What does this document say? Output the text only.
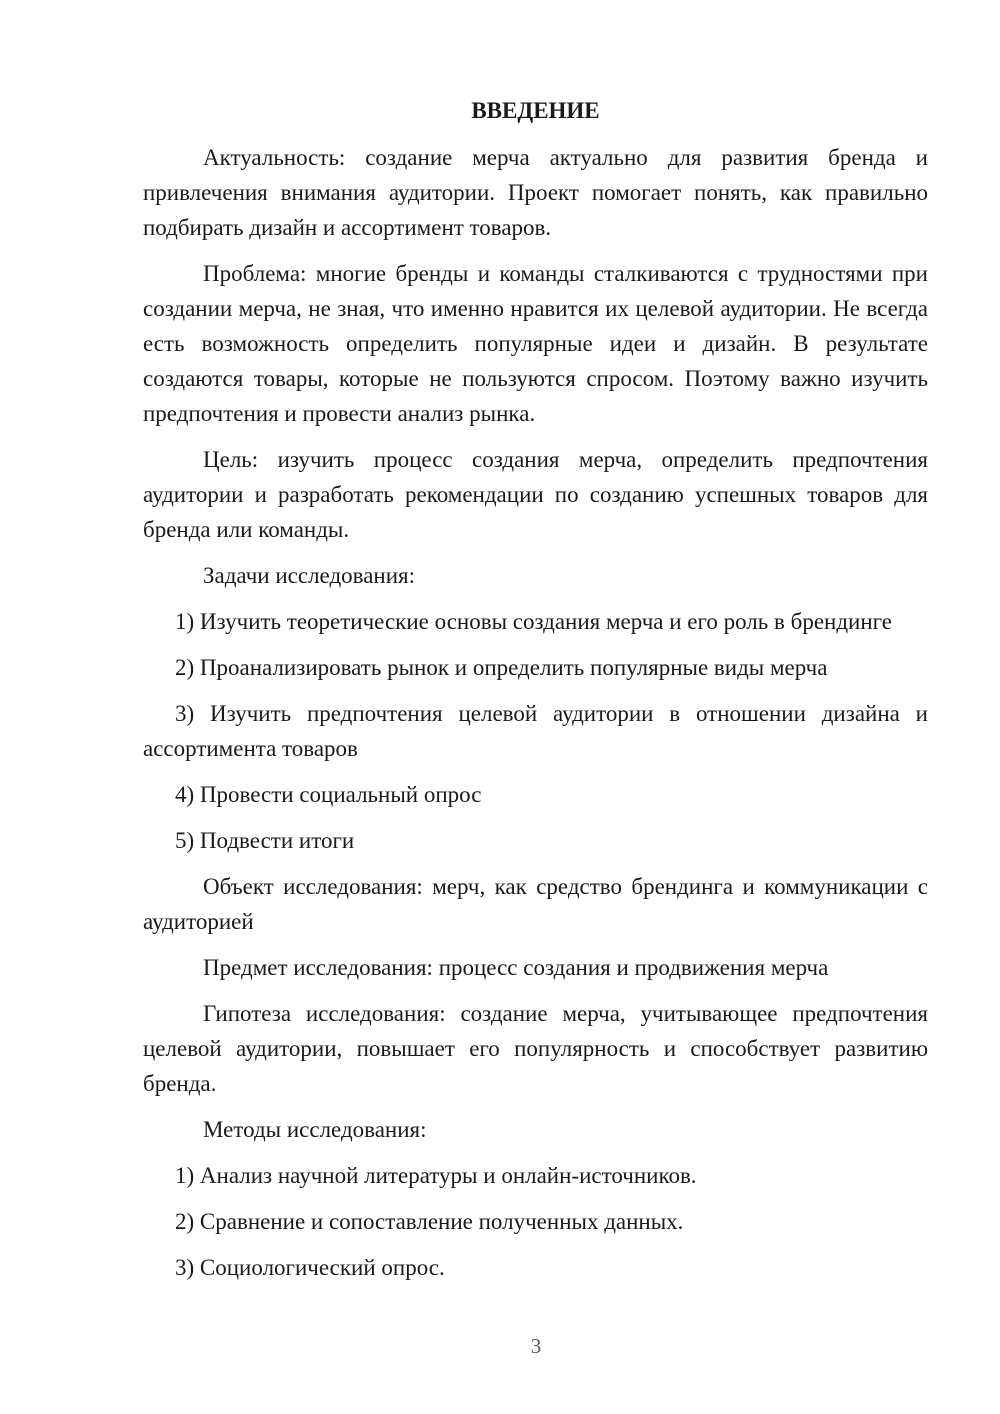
ВВЕДЕНИЕ

Актуальность: создание мерча актуально для развития бренда и привлечения внимания аудитории. Проект помогает понять, как правильно подбирать дизайн и ассортимент товаров.

Проблема: многие бренды и команды сталкиваются с трудностями при создании мерча, не зная, что именно нравится их целевой аудитории. Не всегда есть возможность определить популярные идеи и дизайн. В результате создаются товары, которые не пользуются спросом. Поэтому важно изучить предпочтения и провести анализ рынка.

Цель: изучить процесс создания мерча, определить предпочтения аудитории и разработать рекомендации по созданию успешных товаров для бренда или команды.

Задачи исследования:

1) Изучить теоретические основы создания мерча и его роль в брендинге

2) Проанализировать рынок и определить популярные виды мерча

3) Изучить предпочтения целевой аудитории в отношении дизайна и ассортимента товаров

4) Провести социальный опрос

5) Подвести итоги

Объект исследования: мерч, как средство брендинга и коммуникации с аудиторией

Предмет исследования: процесс создания и продвижения мерча

Гипотеза исследования: создание мерча, учитывающее предпочтения целевой аудитории, повышает его популярность и способствует развитию бренда.

Методы исследования:

1) Анализ научной литературы и онлайн-источников.

2) Сравнение и сопоставление полученных данных.

3) Социологический опрос.

3
